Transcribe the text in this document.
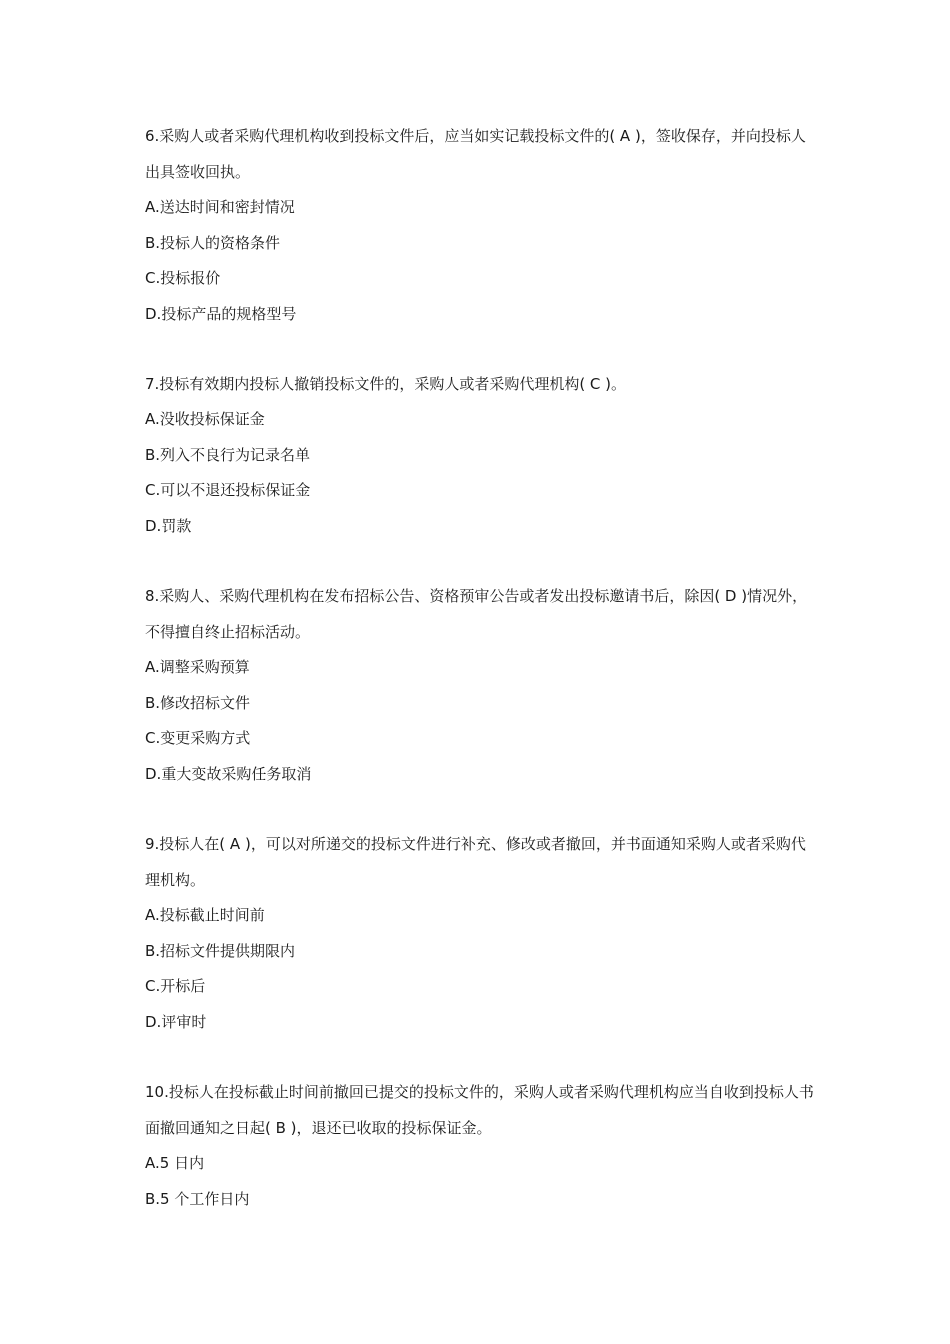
6.采购人或者采购代理机构收到投标文件后，应当如实记载投标文件的( A )，签收保存，并向投标人出具签收回执。

A.送达时间和密封情况

B.投标人的资格条件

C.投标报价

D.投标产品的规格型号

7.投标有效期内投标人撤销投标文件的，采购人或者采购代理机构( C )。

A.没收投标保证金

B.列入不良行为记录名单

C.可以不退还投标保证金

D.罚款

8.采购人、采购代理机构在发布招标公告、资格预审公告或者发出投标邀请书后，除因( D )情况外，不得擅自终止招标活动。

A.调整采购预算

B.修改招标文件

C.变更采购方式

D.重大变故采购任务取消

9.投标人在( A )，可以对所递交的投标文件进行补充、修改或者撤回，并书面通知采购人或者采购代理机构。

A.投标截止时间前

B.招标文件提供期限内

C.开标后

D.评审时

10.投标人在投标截止时间前撤回已提交的投标文件的，采购人或者采购代理机构应当自收到投标人书面撤回通知之日起( B )，退还已收取的投标保证金。

A.5 日内

B.5 个工作日内
